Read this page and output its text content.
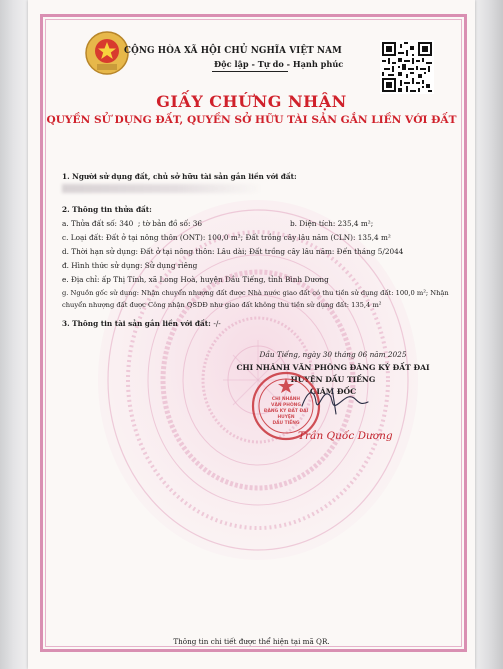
CỘNG HÒA XÃ HỘI CHỦ NGHĨA VIỆT NAM
Độc lập - Tự do - Hạnh phúc
GIẤY CHỨNG NHẬN
QUYỀN SỬ DỤNG ĐẤT, QUYỀN SỞ HỮU TÀI SẢN GẮN LIỀN VỚI ĐẤT
1. Người sử dụng đất, chủ sở hữu tài sản gắn liền với đất:
2. Thông tin thửa đất:
a. Thửa đất số: 340 ; tờ bản đồ số: 36	b. Diện tích: 235,4 m²;
c. Loại đất: Đất ở tại nông thôn (ONT): 100,0 m²; Đất trồng cây lâu năm (CLN): 135,4 m²
d. Thời hạn sử dụng: Đất ở tại nông thôn: Lâu dài; Đất trồng cây lâu năm: Đến tháng 5/2044
đ. Hình thức sử dụng: Sử dụng riêng
e. Địa chỉ: ấp Thị Tính, xã Long Hoà, huyện Dầu Tiếng, tỉnh Bình Dương
g. Nguồn gốc sử dụng: Nhận chuyển nhượng đất được Nhà nước giao đất có thu tiền sử dụng đất: 100,0 m²; Nhận
chuyển nhượng đất được Công nhận QSDĐ như giao đất không thu tiền sử dụng đất: 135,4 m²
3. Thông tin tài sản gắn liền với đất: -/-
Dầu Tiếng, ngày 30 tháng 06 năm 2025
CHI NHÁNH VĂN PHÒNG ĐĂNG KÝ ĐẤT ĐAI
HUYỆN DẦU TIẾNG
GIÁM ĐỐC
CHI NHÁNH
VĂN PHÒNG
ĐĂNG KÝ ĐẤT ĐAI
HUYỆN
DẦU TIẾNG
Trần Quốc Dương
Thông tin chi tiết được thể hiện tại mã QR.
